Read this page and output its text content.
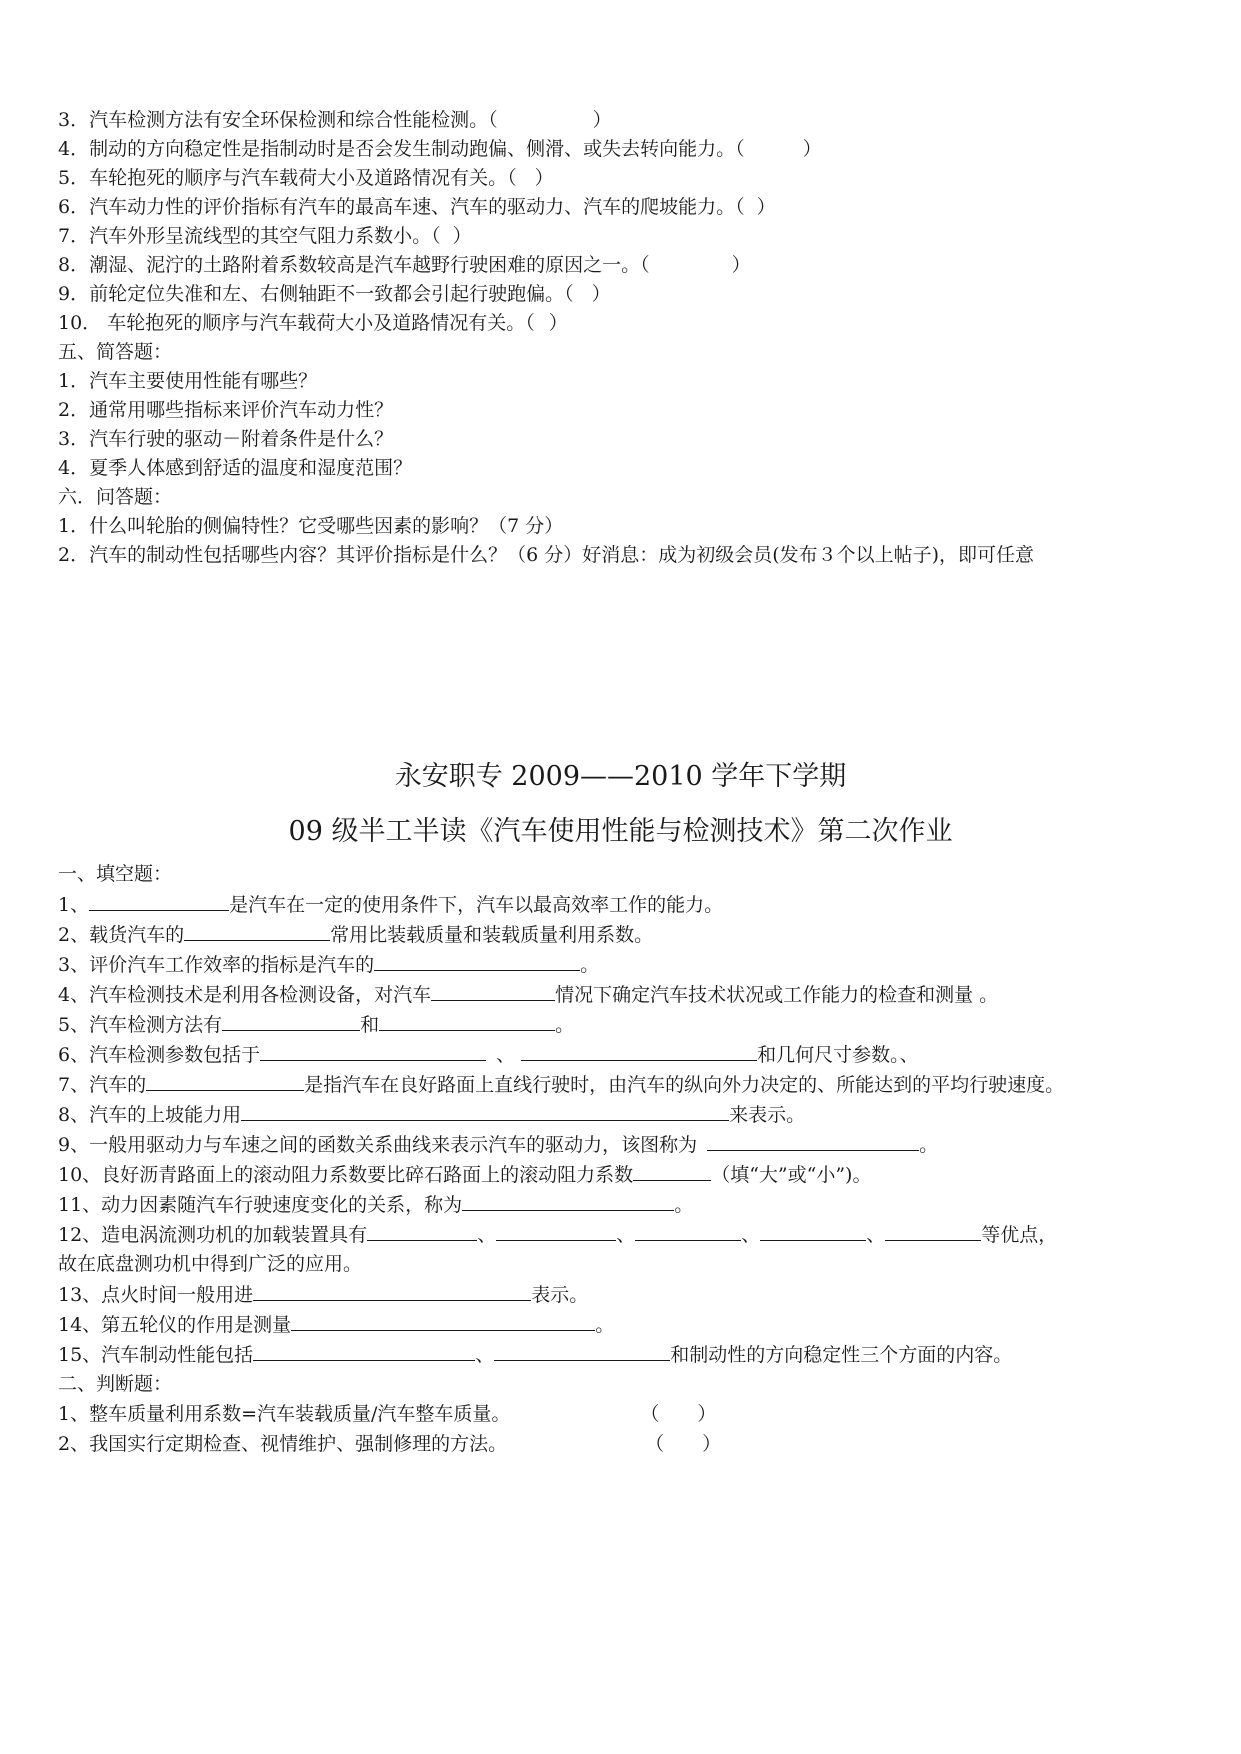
3．汽车检测方法有安全环保检测和综合性能检测。（	）
4．制动的方向稳定性是指制动时是否会发生制动跑偏、侧滑、或失去转向能力。（	）
5．车轮抱死的顺序与汽车载荷大小及道路情况有关。（ ）
6．汽车动力性的评价指标有汽车的最高车速、汽车的驱动力、汽车的爬坡能力。（ ）
7．汽车外形呈流线型的其空气阻力系数小。（ ）
8．潮湿、泥泞的土路附着系数较高是汽车越野行驶困难的原因之一。（	）
9．前轮定位失准和左、右侧轴距不一致都会引起行驶跑偏。（ ）
10． 车轮抱死的顺序与汽车载荷大小及道路情况有关。（ ）
五、简答题：
1．汽车主要使用性能有哪些？
2．通常用哪些指标来评价汽车动力性？
3．汽车行驶的驱动－附着条件是什么？
4．夏季人体感到舒适的温度和湿度范围？
六．问答题：
1．什么叫轮胎的侧偏特性？它受哪些因素的影响？（7 分）
2．汽车的制动性包括哪些内容？其评价指标是什么？（6 分）好消息：成为初级会员(发布３个以上帖子)，即可任意
永安职专 2009——2010 学年下学期
09 级半工半读《汽车使用性能与检测技术》第二次作业
一、填空题：
1、	是汽车在一定的使用条件下，汽车以最高效率工作的能力。
2、载货汽车的	常用比装载质量和装载质量利用系数。
3、评价汽车工作效率的指标是汽车的	。
4、汽车检测技术是利用各检测设备，对汽车	情况下确定汽车技术状况或工作能力的检查和测量 。
5、汽车检测方法有	和	。
6、汽车检测参数包括于	、	和几何尺寸参数。、
7、汽车的	是指汽车在良好路面上直线行驶时，由汽车的纵向外力决定的、所能达到的平均行驶速度。
8、汽车的上坡能力用	来表示。
9、一般用驱动力与车速之间的函数关系曲线来表示汽车的驱动力，该图称为	。
10、良好沥青路面上的滚动阻力系数要比碎石路面上的滚动阻力系数	（填“大”或“小”)。
11、动力因素随汽车行驶速度变化的关系，称为	。
12、造电涡流测功机的加载装置具有	、	、	、	、	等优点，
故在底盘测功机中得到广泛的应用。
13、点火时间一般用进	表示。
14、第五轮仪的作用是测量	。
15、汽车制动性能包括	、	和制动性的方向稳定性三个方面的内容。
二、判断题：
1、整车质量利用系数=汽车装载质量/汽车整车质量。	（　　）
2、我国实行定期检查、视情维护、强制修理的方法。	（　　）
